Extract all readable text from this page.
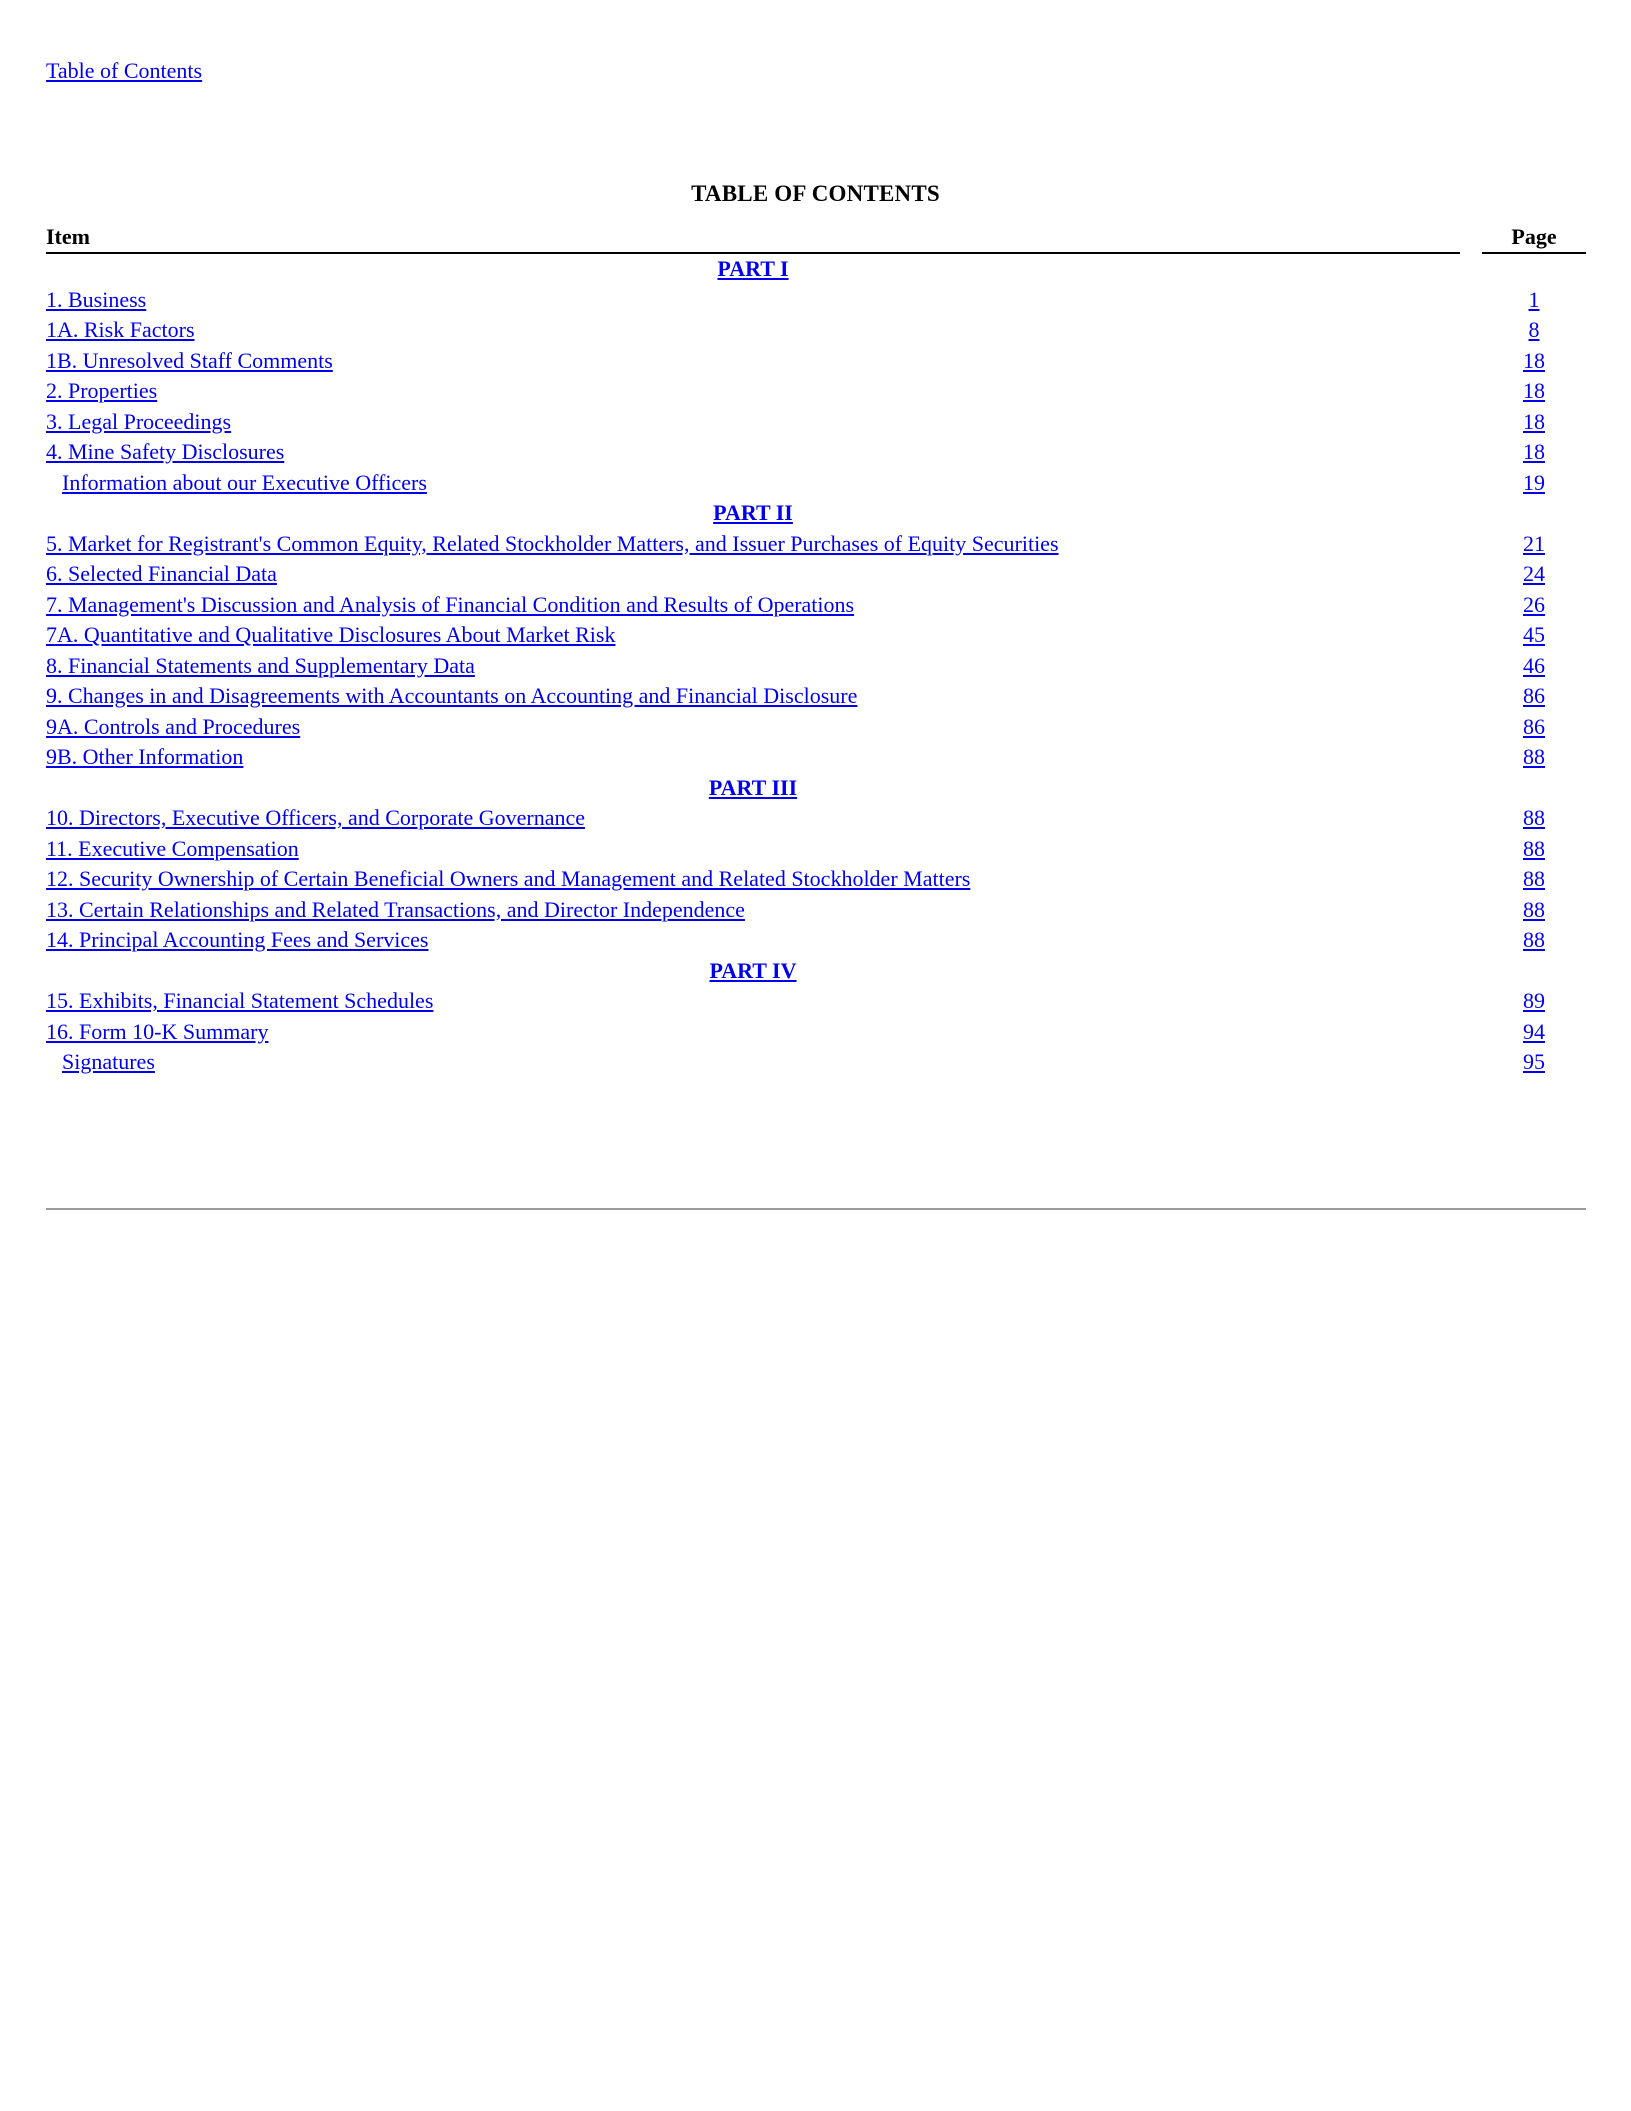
Table of Contents
TABLE OF CONTENTS
Item	Page
PART I
1. Business	1
1A. Risk Factors	8
1B. Unresolved Staff Comments	18
2. Properties	18
3. Legal Proceedings	18
4. Mine Safety Disclosures	18
Information about our Executive Officers	19
PART II
5. Market for Registrant's Common Equity, Related Stockholder Matters, and Issuer Purchases of Equity Securities	21
6. Selected Financial Data	24
7. Management's Discussion and Analysis of Financial Condition and Results of Operations	26
7A. Quantitative and Qualitative Disclosures About Market Risk	45
8. Financial Statements and Supplementary Data	46
9. Changes in and Disagreements with Accountants on Accounting and Financial Disclosure	86
9A. Controls and Procedures	86
9B. Other Information	88
PART III
10. Directors, Executive Officers, and Corporate Governance	88
11. Executive Compensation	88
12. Security Ownership of Certain Beneficial Owners and Management and Related Stockholder Matters	88
13. Certain Relationships and Related Transactions, and Director Independence	88
14. Principal Accounting Fees and Services	88
PART IV
15. Exhibits, Financial Statement Schedules	89
16. Form 10-K Summary	94
Signatures	95
